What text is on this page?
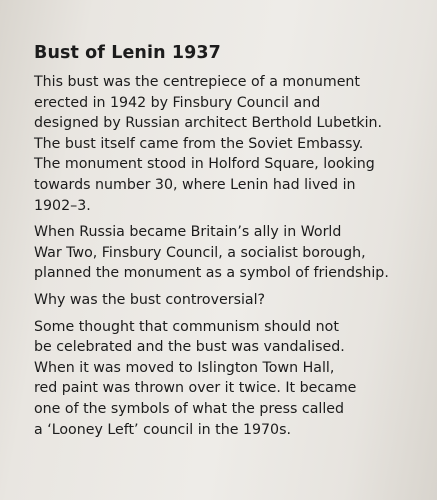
Bust of Lenin 1937

This bust was the centrepiece of a monument
erected in 1942 by Finsbury Council and
designed by Russian architect Berthold Lubetkin.
The bust itself came from the Soviet Embassy.
The monument stood in Holford Square, looking
towards number 30, where Lenin had lived in
1902–3.

When Russia became Britain’s ally in World
War Two, Finsbury Council, a socialist borough,
planned the monument as a symbol of friendship.

Why was the bust controversial?

Some thought that communism should not
be celebrated and the bust was vandalised.
When it was moved to Islington Town Hall,
red paint was thrown over it twice. It became
one of the symbols of what the press called
a ‘Looney Left’ council in the 1970s.
